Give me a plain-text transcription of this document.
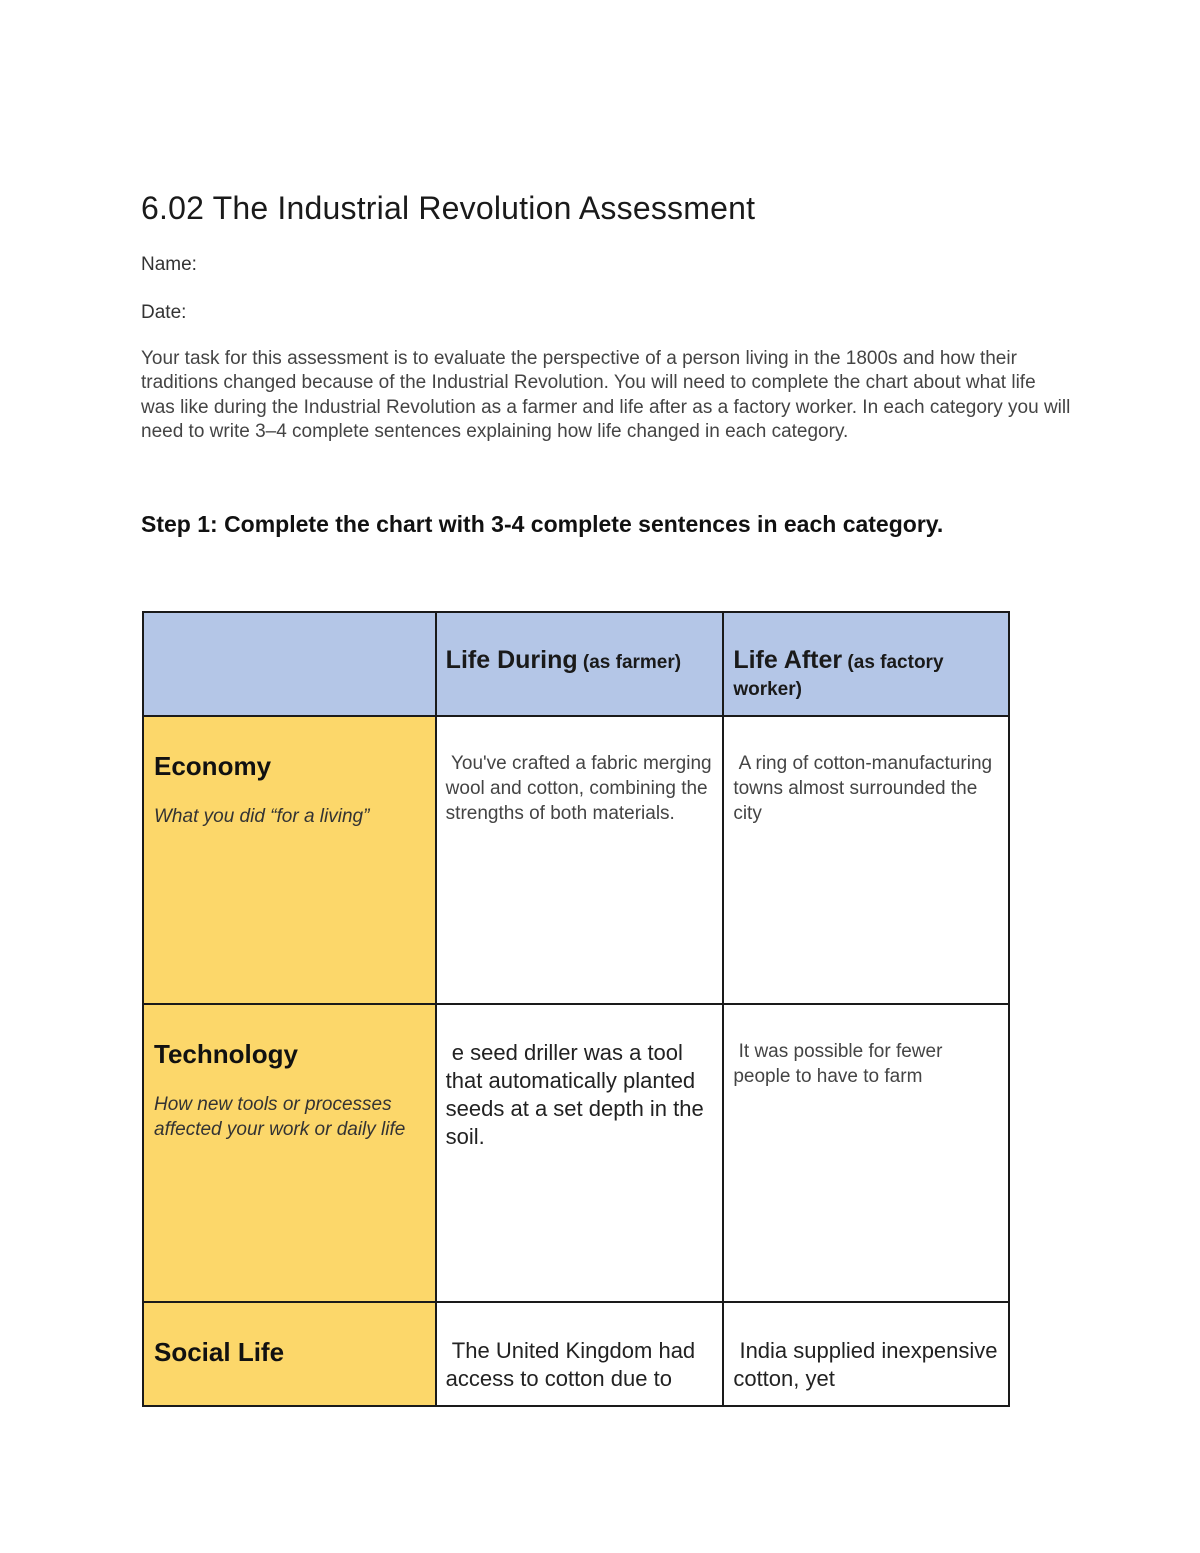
6.02 The Industrial Revolution Assessment
Name:
Date:

Your task for this assessment is to evaluate the perspective of a person living in the 1800s and how their traditions changed because of the Industrial Revolution. You will need to complete the chart about what life was like during the Industrial Revolution as a farmer and life after as a factory worker. In each category you will need to write 3–4 complete sentences explaining how life changed in each category.

Step 1: Complete the chart with 3-4 complete sentences in each category.

	Life During (as farmer)	Life After (as factory worker)

Economy
What you did “for a living”	You've crafted a fabric merging wool and cotton, combining the strengths of both materials.	A ring of cotton-manufacturing towns almost surrounded the city

Technology
How new tools or processes affected your work or daily life	e seed driller was a tool that automatically planted seeds at a set depth in the soil.	It was possible for fewer people to have to farm

Social Life	The United Kingdom had access to cotton due to	India supplied inexpensive cotton, yet
